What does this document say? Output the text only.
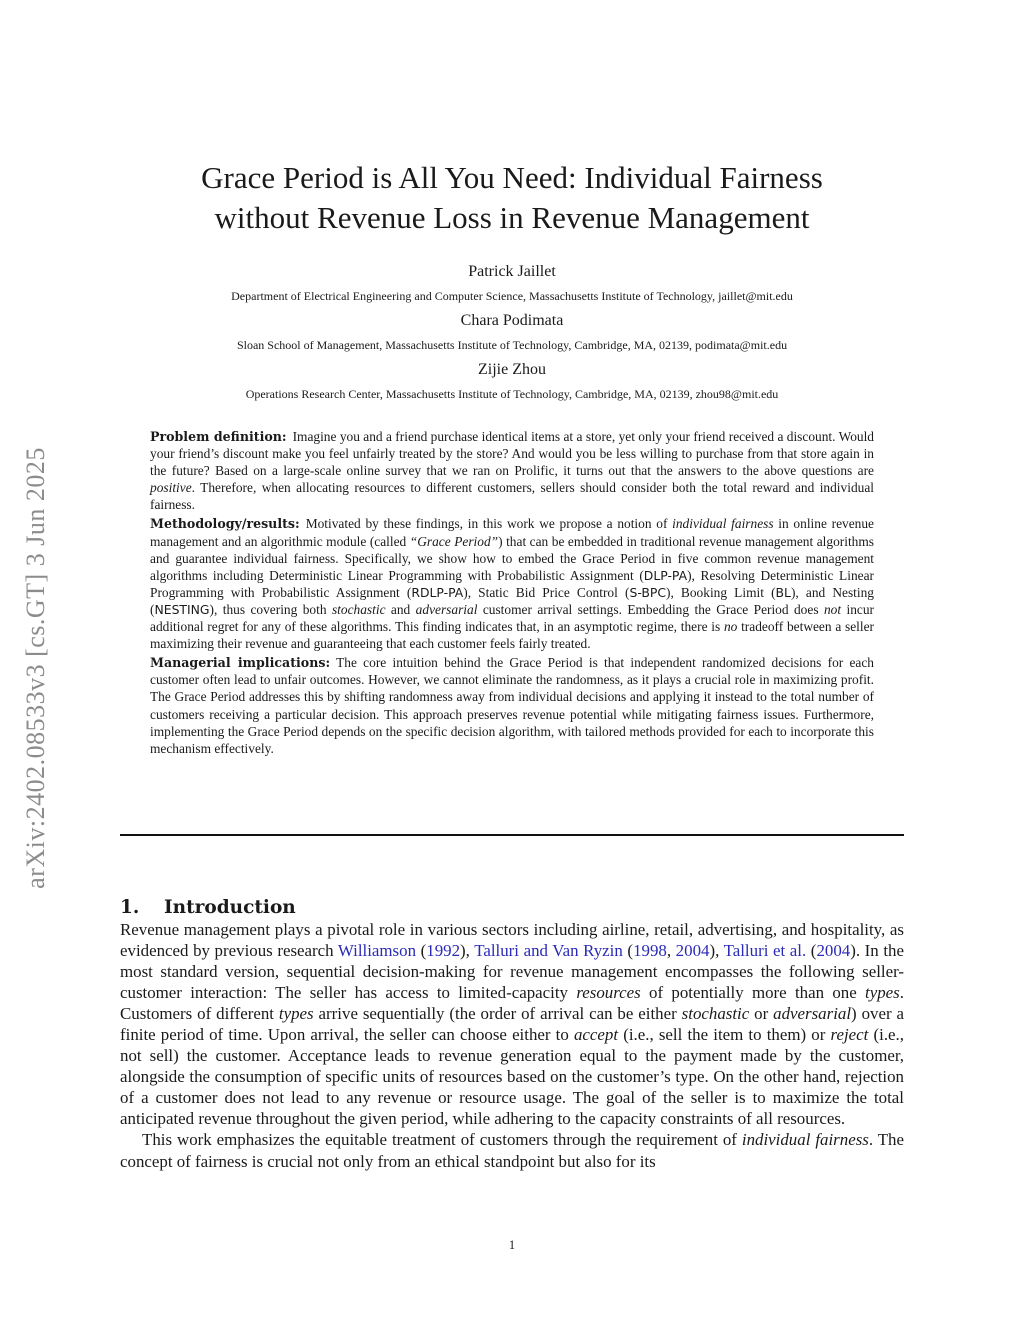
arXiv:2402.08533v3 [cs.GT] 3 Jun 2025
Grace Period is All You Need: Individual Fairness
without Revenue Loss in Revenue Management
Patrick Jaillet
Department of Electrical Engineering and Computer Science, Massachusetts Institute of Technology, jaillet@mit.edu
Chara Podimata
Sloan School of Management, Massachusetts Institute of Technology, Cambridge, MA, 02139, podimata@mit.edu
Zijie Zhou
Operations Research Center, Massachusetts Institute of Technology, Cambridge, MA, 02139, zhou98@mit.edu

Problem definition: Imagine you and a friend purchase identical items at a store, yet only your friend received a discount. Would your friend’s discount make you feel unfairly treated by the store? And would you be less willing to purchase from that store again in the future? Based on a large-scale online survey that we ran on Prolific, it turns out that the answers to the above questions are positive. Therefore, when allocating resources to different customers, sellers should consider both the total reward and individual fairness.

Methodology/results: Motivated by these findings, in this work we propose a notion of individual fairness in online revenue management and an algorithmic module (called “Grace Period”) that can be embedded in traditional revenue management algorithms and guarantee individual fairness. Specifically, we show how to embed the Grace Period in five common revenue management algorithms including Deterministic Linear Programming with Probabilistic Assignment (DLP-PA), Resolving Deterministic Linear Programming with Probabilistic Assignment (RDLP-PA), Static Bid Price Control (S-BPC), Booking Limit (BL), and Nesting (NESTING), thus covering both stochastic and adversarial customer arrival settings. Embedding the Grace Period does not incur additional regret for any of these algorithms. This finding indicates that, in an asymptotic regime, there is no tradeoff between a seller maximizing their revenue and guaranteeing that each customer feels fairly treated.

Managerial implications: The core intuition behind the Grace Period is that independent randomized decisions for each customer often lead to unfair outcomes. However, we cannot eliminate the randomness, as it plays a crucial role in maximizing profit. The Grace Period addresses this by shifting randomness away from individual decisions and applying it instead to the total number of customers receiving a particular decision. This approach preserves revenue potential while mitigating fairness issues. Furthermore, implementing the Grace Period depends on the specific decision algorithm, with tailored methods provided for each to incorporate this mechanism effectively.

1. Introduction

Revenue management plays a pivotal role in various sectors including airline, retail, advertising, and hospitality, as evidenced by previous research Williamson (1992), Talluri and Van Ryzin (1998, 2004), Talluri et al. (2004). In the most standard version, sequential decision-making for revenue management encompasses the following seller-customer interaction: The seller has access to limited-capacity resources of potentially more than one types. Customers of different types arrive sequentially (the order of arrival can be either stochastic or adversarial) over a finite period of time. Upon arrival, the seller can choose either to accept (i.e., sell the item to them) or reject (i.e., not sell) the customer. Acceptance leads to revenue generation equal to the payment made by the customer, alongside the consumption of specific units of resources based on the customer’s type. On the other hand, rejection of a customer does not lead to any revenue or resource usage. The goal of the seller is to maximize the total anticipated revenue throughout the given period, while adhering to the capacity constraints of all resources.

This work emphasizes the equitable treatment of customers through the requirement of individual fairness. The concept of fairness is crucial not only from an ethical standpoint but also for its

1
